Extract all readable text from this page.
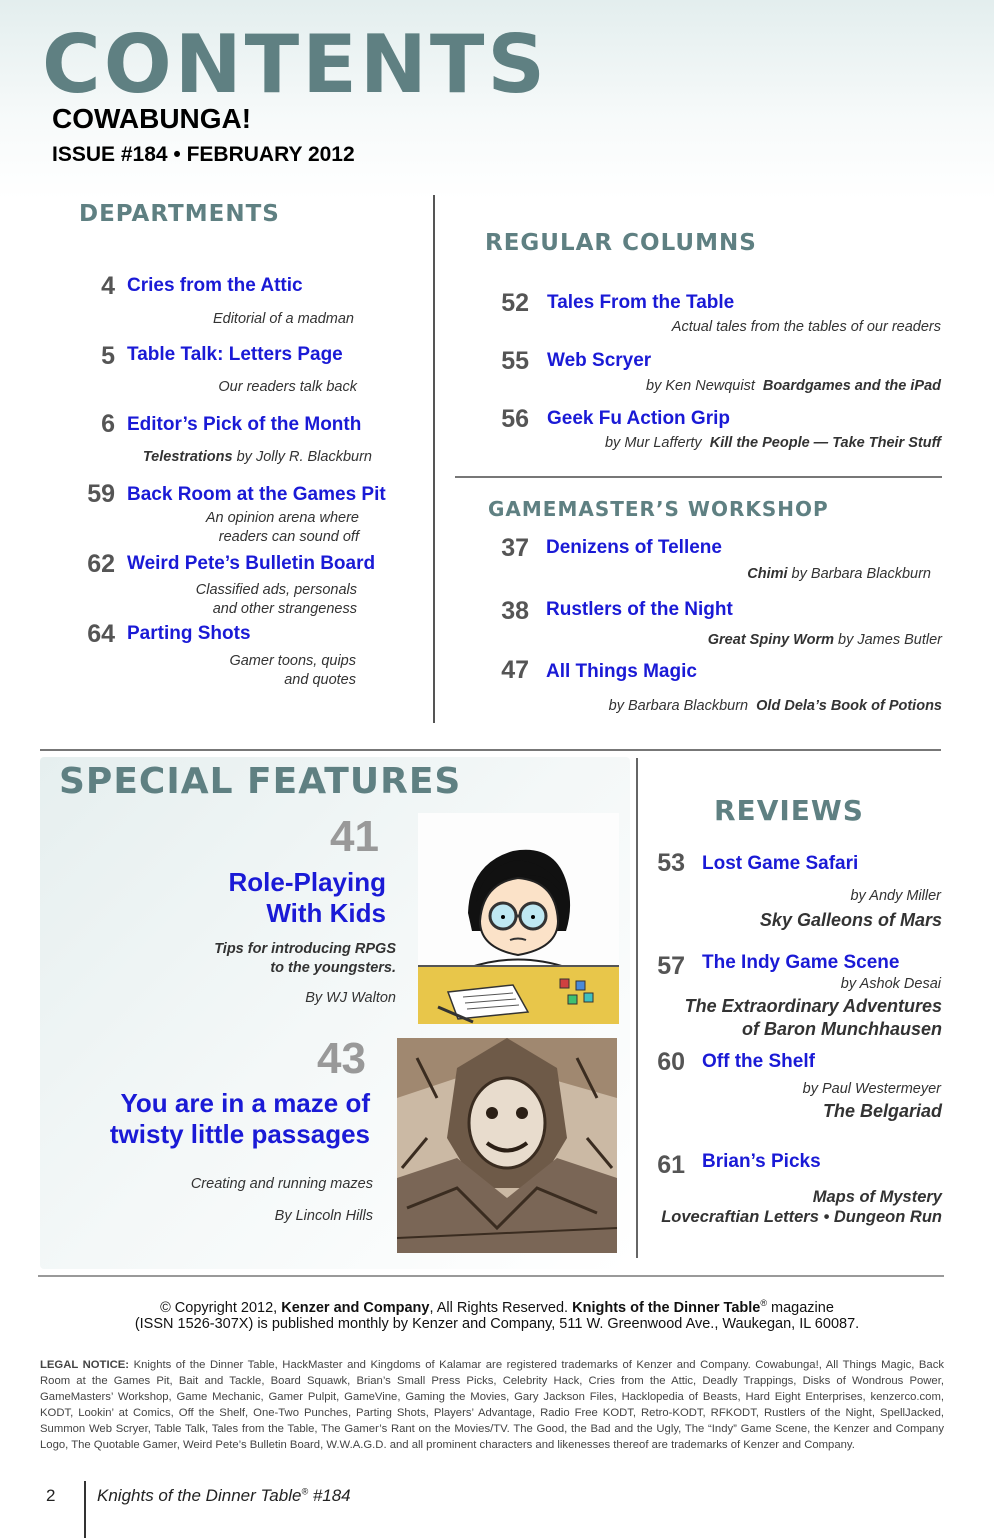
CONTENTS
COWABUNGA!
ISSUE #184 • FEBRUARY 2012
DEPARTMENTS
4 Cries from the Attic
Editorial of a madman
5 Table Talk: Letters Page
Our readers talk back
6 Editor’s Pick of the Month
Telestrations by Jolly R. Blackburn
59 Back Room at the Games Pit
An opinion arena where
readers can sound off
62 Weird Pete’s Bulletin Board
Classified ads, personals
and other strangeness
64 Parting Shots
Gamer toons, quips
and quotes
REGULAR COLUMNS
52 Tales From the Table
Actual tales from the tables of our readers
55 Web Scryer
by Ken Newquist Boardgames and the iPad
56 Geek Fu Action Grip
by Mur Lafferty Kill the People — Take Their Stuff
GAMEMASTER’S WORKSHOP
37 Denizens of Tellene
Chimi by Barbara Blackburn
38 Rustlers of the Night
Great Spiny Worm by James Butler
47 All Things Magic
by Barbara Blackburn Old Dela’s Book of Potions
SPECIAL FEATURES
41
Role-Playing
With Kids
Tips for introducing RPGS
to the youngsters.
By WJ Walton
43
You are in a maze of
twisty little passages
Creating and running mazes
By Lincoln Hills
REVIEWS
53 Lost Game Safari
by Andy Miller
Sky Galleons of Mars
57 The Indy Game Scene
by Ashok Desai
The Extraordinary Adventures
of Baron Munchhausen
60 Off the Shelf
by Paul Westermeyer
The Belgariad
61 Brian’s Picks
Maps of Mystery
Lovecraftian Letters • Dungeon Run
© Copyright 2012, Kenzer and Company, All Rights Reserved. Knights of the Dinner Table® magazine
(ISSN 1526-307X) is published monthly by Kenzer and Company, 511 W. Greenwood Ave., Waukegan, IL 60087.
LEGAL NOTICE: Knights of the Dinner Table, HackMaster and Kingdoms of Kalamar are registered trademarks of Kenzer and Company. Cowabunga!, All Things Magic, Back Room at the Games Pit, Bait and Tackle, Board Squawk, Brian’s Small Press Picks, Celebrity Hack, Cries from the Attic, Deadly Trappings, Disks of Wondrous Power, GameMasters’ Workshop, Game Mechanic, Gamer Pulpit, GameVine, Gaming the Movies, Gary Jackson Files, Hacklopedia of Beasts, Hard Eight Enterprises, kenzerco.com, KODT, Lookin’ at Comics, Off the Shelf, One-Two Punches, Parting Shots, Players’ Advantage, Radio Free KODT, Retro-KODT, RFKODT, Rustlers of the Night, SpellJacked, Summon Web Scryer, Table Talk, Tales from the Table, The Gamer’s Rant on the Movies/TV. The Good, the Bad and the Ugly, The “Indy” Game Scene, the Kenzer and Company Logo, The Quotable Gamer, Weird Pete’s Bulletin Board, W.W.A.G.D. and all prominent characters and likenesses thereof are trademarks of Kenzer and Company.
2 Knights of the Dinner Table® #184
